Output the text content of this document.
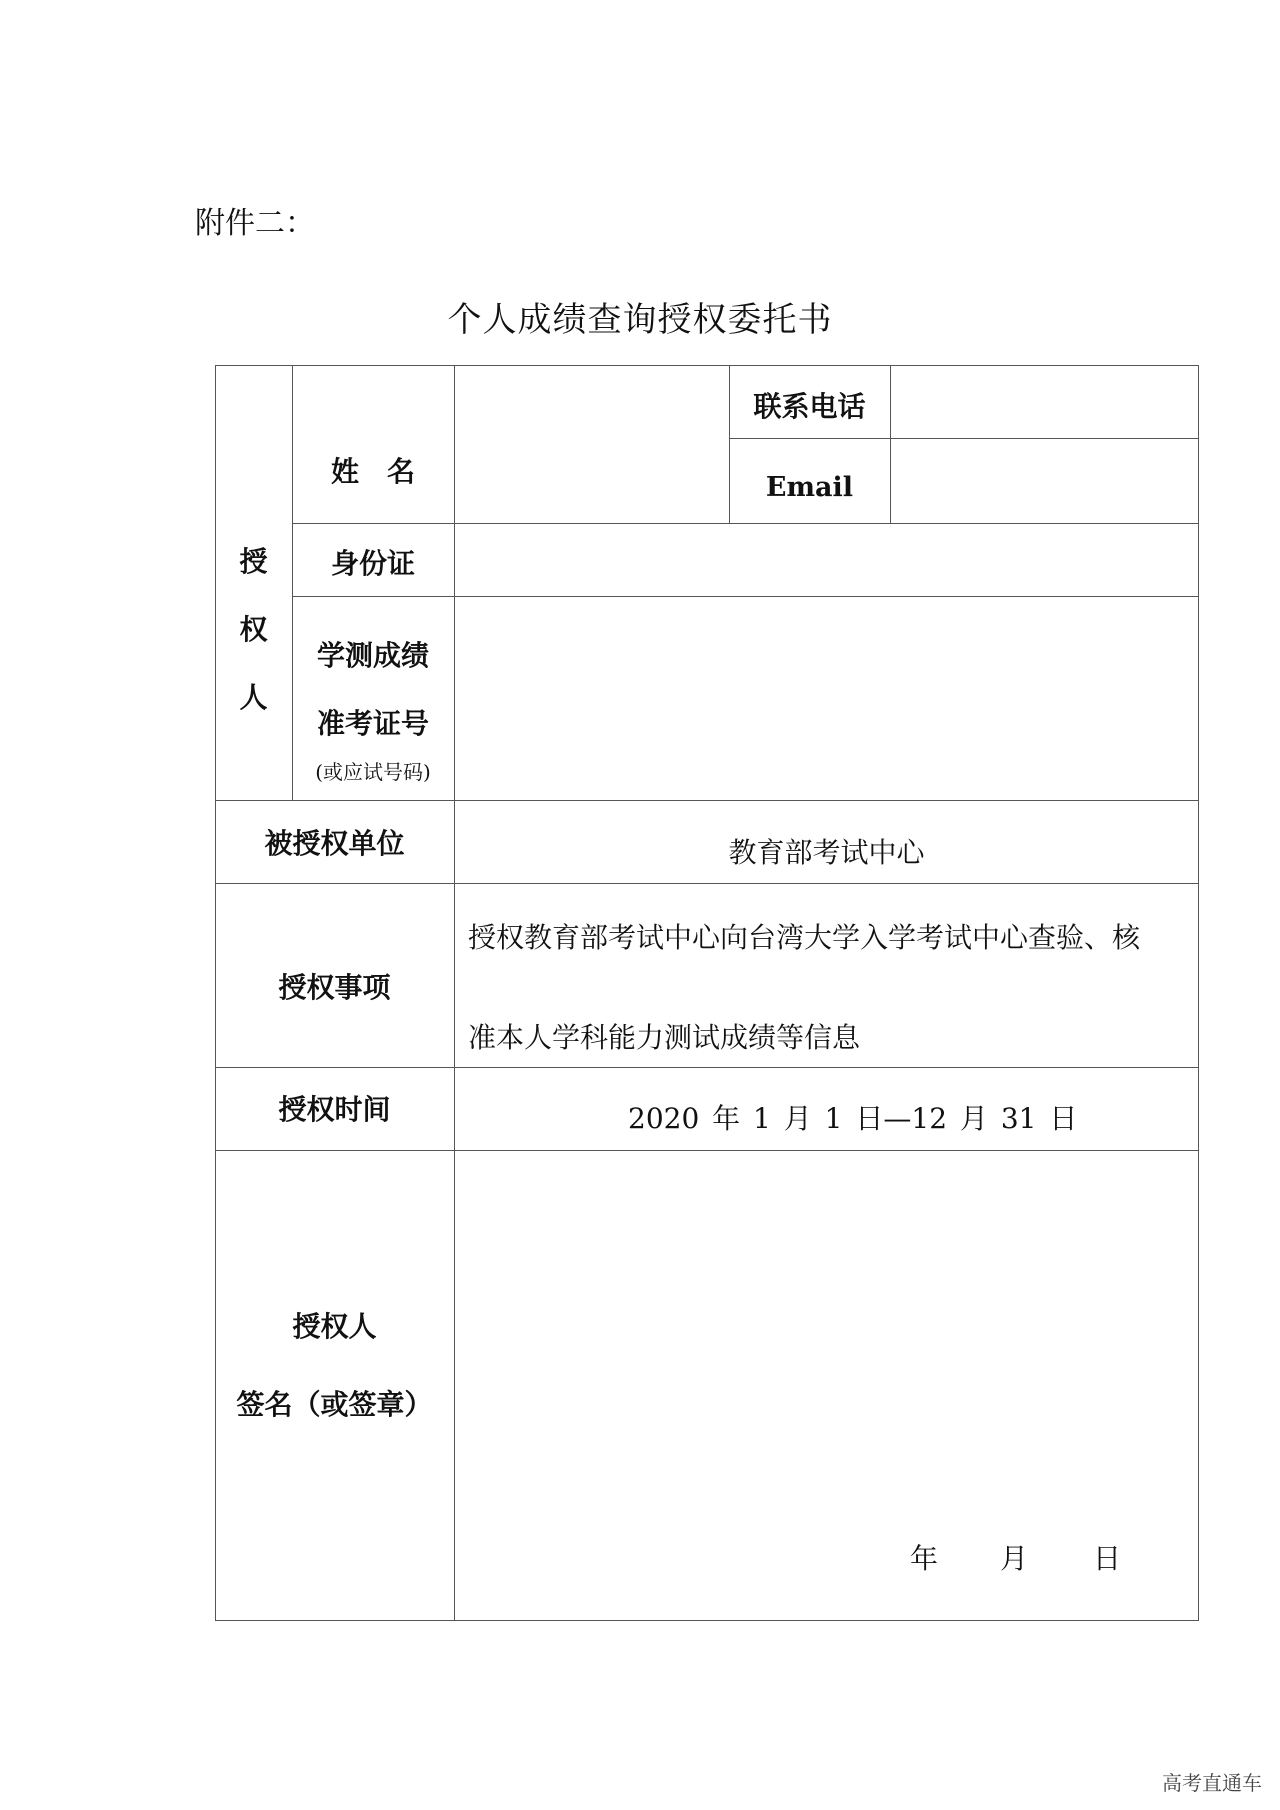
附件二：
个人成绩查询授权委托书
授
权
人
姓　名
联系电话
Email
身份证
学测成绩
准考证号
(或应试号码)
被授权单位	教育部考试中心
授权事项
授权教育部考试中心向台湾大学入学考试中心查验、核
准本人学科能力测试成绩等信息
授权时间	2020 年 1 月 1 日—12 月 31 日
授权人
签名（或签章）
年 月 日
高考直通车
